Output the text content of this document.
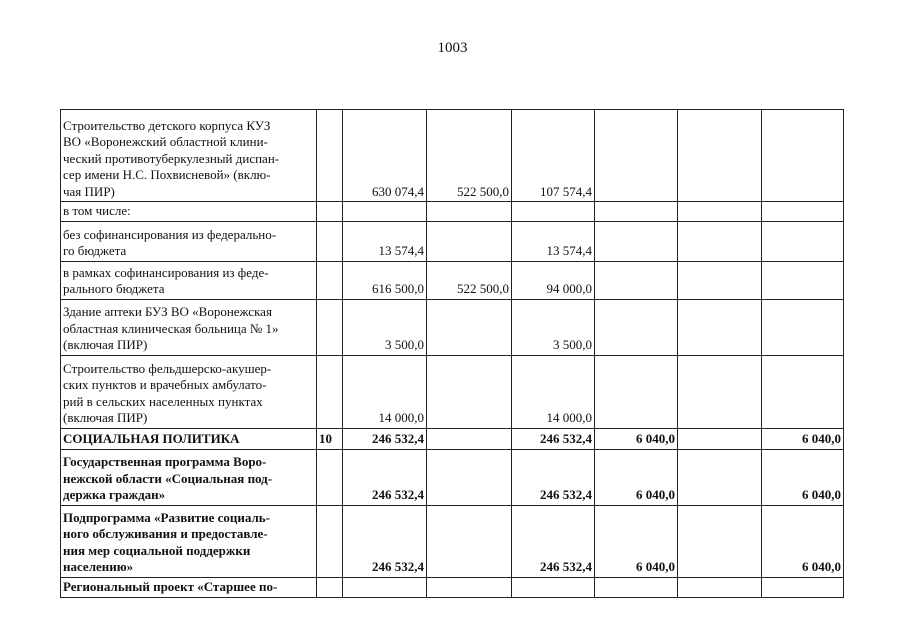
1003
Строительство детского корпуса КУЗ
ВО «Воронежский областной клини-
ческий противотуберкулезный диспан-
сер имени Н.С. Похвисневой» (вклю-
чая ПИР)		630 074,4	522 500,0	107 574,4			
в том числе:							
без софинансирования из федерально-
го бюджета		13 574,4		13 574,4			
в рамках софинансирования из феде-
рального бюджета		616 500,0	522 500,0	94 000,0			
Здание аптеки БУЗ ВО «Воронежская
областная клиническая больница № 1»
(включая ПИР)		3 500,0		3 500,0			
Строительство фельдшерско-акушер-
ских пунктов и врачебных амбулато-
рий в сельских населенных пунктах
(включая ПИР)		14 000,0		14 000,0			
СОЦИАЛЬНАЯ ПОЛИТИКА	10	246 532,4		246 532,4	6 040,0		6 040,0
Государственная программа Воро-
нежской области «Социальная под-
держка граждан»		246 532,4		246 532,4	6 040,0		6 040,0
Подпрограмма «Развитие социаль-
ного обслуживания и предоставле-
ния мер социальной поддержки
населению»		246 532,4		246 532,4	6 040,0		6 040,0
Региональный проект «Старшее по-							
